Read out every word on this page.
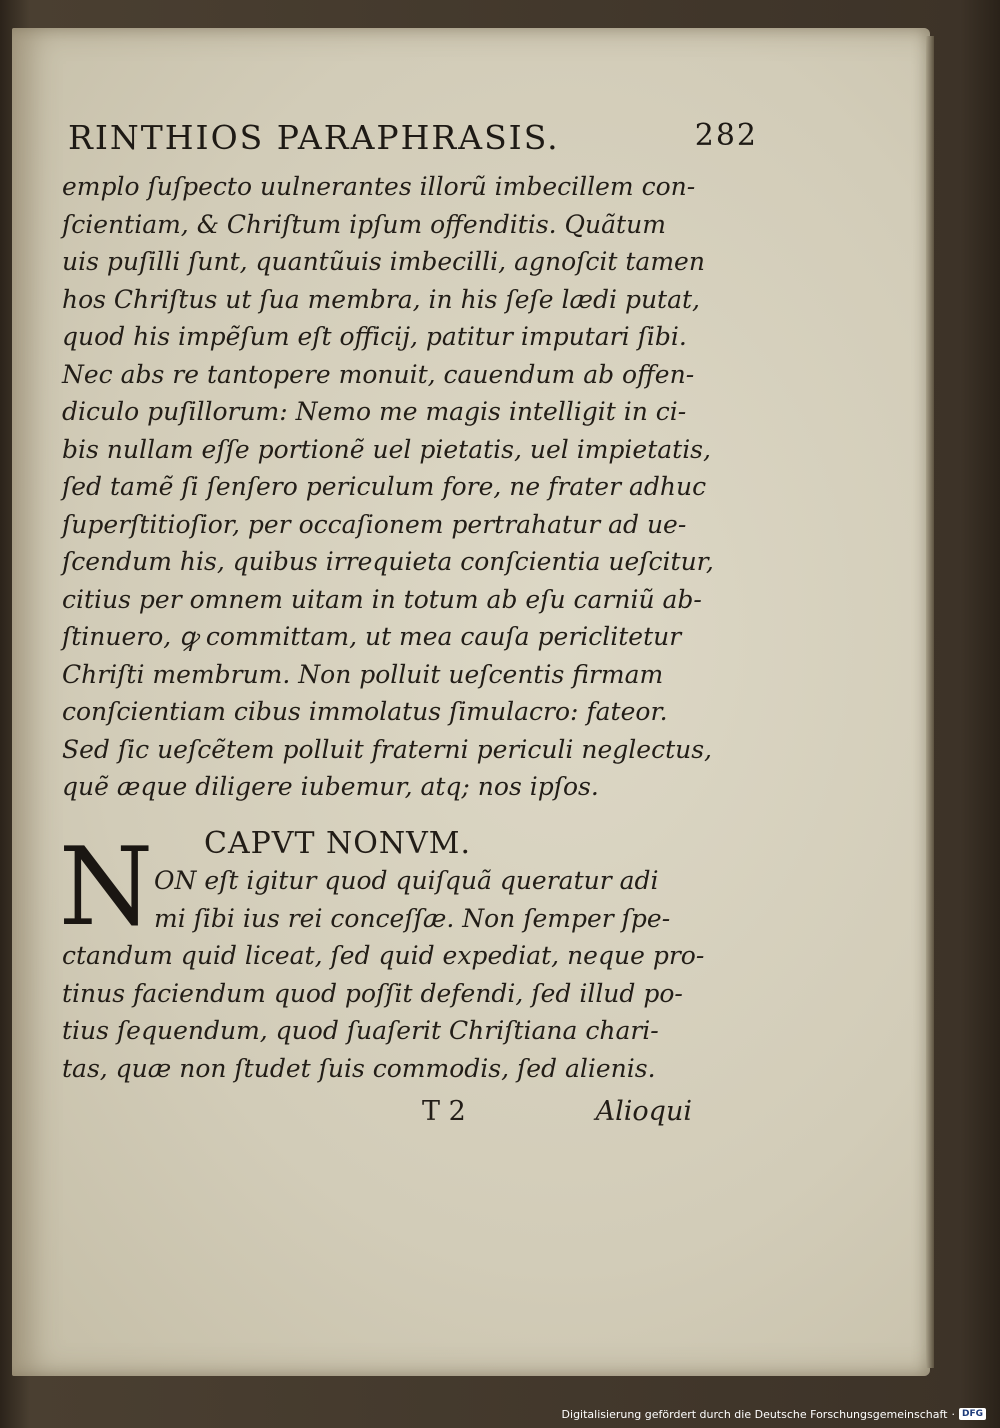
RINTHIOS PARAPHRASIS.	282
emplo ſuſpecto uulnerantes illorũ imbecillem con-
ſcientiam, & Chriſtum ipſum offenditis. Quãtum
uis puſilli ſunt, quantũuis imbecilli, agnoſcit tamen
hos Chriſtus ut ſua membra, in his ſeſe lædi putat,
quod his impẽſum eſt officij, patitur imputari ſibi.
Nec abs re tantopere monuit, cauendum ab offen-
diculo puſillorum: Nemo me magis intelligit in ci-
bis nullam eſſe portionẽ uel pietatis, uel impietatis,
ſed tamẽ ſi ſenſero periculum fore, ne frater adhuc
ſuperſtitioſior, per occaſionem pertrahatur ad ue-
ſcendum his, quibus irrequieta conſcientia ueſcitur,
citius per omnem uitam in totum ab eſu carniũ ab-
ſtinuero, ꝙ committam, ut mea cauſa periclitetur
Chriſti membrum. Non polluit ueſcentis firmam
conſcientiam cibus immolatus ſimulacro: fateor.
Sed ſic ueſcẽtem polluit fraterni periculi neglectus,
quẽ æque diligere iubemur, atq; nos ipſos.
CAPVT NONVM.
N ON eſt igitur quod quiſquã queratur adi
mi ſibi ius rei conceſſæ. Non ſemper ſpe-
ctandum quid liceat, ſed quid expediat, neque pro-
tinus faciendum quod poſſit defendi, ſed illud po-
tius ſequendum, quod ſuaſerit Chriſtiana chari-
tas, quæ non ſtudet ſuis commodis, ſed alienis.
T 2	Alioqui
Digitalisierung gefördert durch die Deutsche Forschungsgemeinschaft · DFG
